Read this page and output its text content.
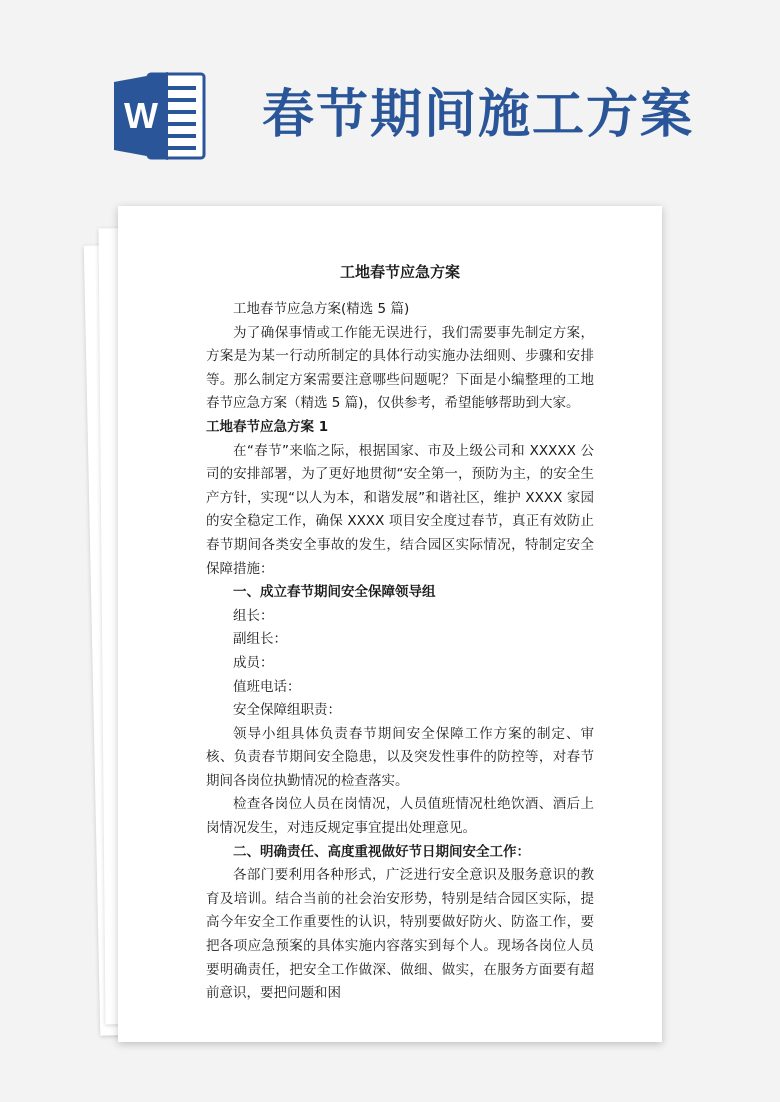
W 春节期间施工方案
工地春节应急方案
工地春节应急方案(精选 5 篇)
为了确保事情或工作能无误进行，我们需要事先制定方案，方案是为某一行动所制定的具体行动实施办法细则、步骤和安排等。那么制定方案需要注意哪些问题呢？下面是小编整理的工地春节应急方案（精选 5 篇)，仅供参考，希望能够帮助到大家。
工地春节应急方案 1
在“春节”来临之际，根据国家、市及上级公司和 XXXXX 公司的安排部署，为了更好地贯彻“安全第一，预防为主，的安全生产方针，实现“以人为本，和谐发展”和谐社区，维护 XXXX 家园的安全稳定工作，确保 XXXX 项目安全度过春节，真正有效防止春节期间各类安全事故的发生，结合园区实际情况，特制定安全保障措施：
一、成立春节期间安全保障领导组
组长：
副组长：
成员：
值班电话：
安全保障组职责：
领导小组具体负责春节期间安全保障工作方案的制定、审核、负责春节期间安全隐患，以及突发性事件的防控等，对春节期间各岗位执勤情况的检查落实。
检查各岗位人员在岗情况，人员值班情况杜绝饮酒、酒后上岗情况发生，对违反规定事宜提出处理意见。
二、明确责任、高度重视做好节日期间安全工作：
各部门要利用各种形式，广泛进行安全意识及服务意识的教育及培训。结合当前的社会治安形势，特别是结合园区实际，提高今年安全工作重要性的认识，特别要做好防火、防盗工作，要把各项应急预案的具体实施内容落实到每个人。现场各岗位人员要明确责任，把安全工作做深、做细、做实，在服务方面要有超前意识，要把问题和困
